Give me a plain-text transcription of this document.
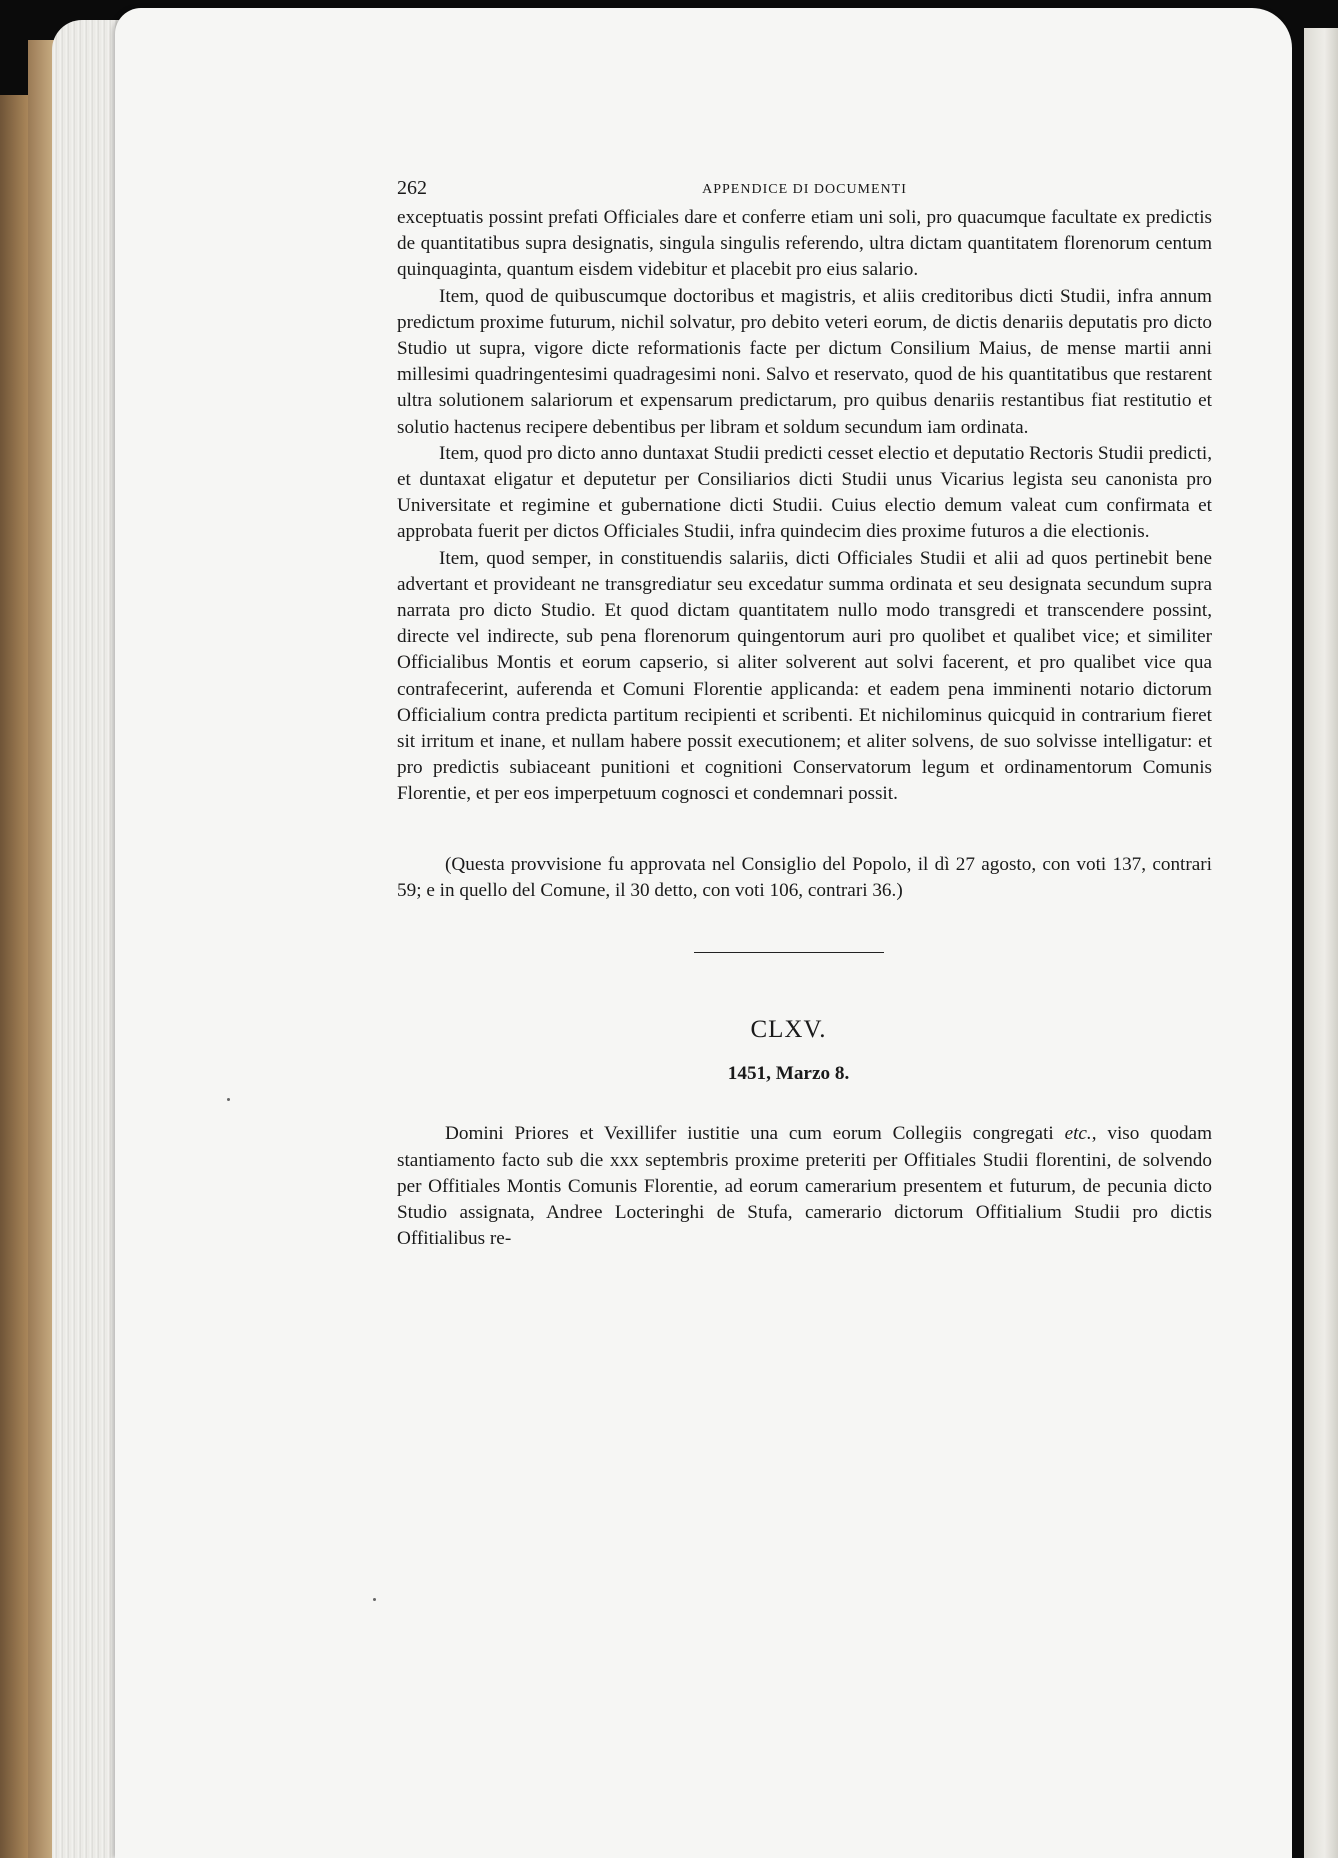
262	APPENDICE DI DOCUMENTI

exceptuatis possint prefati Officiales dare et conferre etiam uni soli, pro quacumque facultate ex predictis de quantitatibus supra designatis, singula singulis referendo, ultra dictam quantitatem florenorum centum quinquaginta, quantum eisdem videbitur et placebit pro eius salario.

Item, quod de quibuscumque doctoribus et magistris, et aliis creditoribus dicti Studii, infra annum predictum proxime futurum, nichil solvatur, pro debito veteri eorum, de dictis denariis deputatis pro dicto Studio ut supra, vigore dicte reformationis facte per dictum Consilium Maius, de mense martii anni millesimi quadringentesimi quadragesimi noni. Salvo et reservato, quod de his quantitatibus que restarent ultra solutionem salariorum et expensarum predictarum, pro quibus denariis restantibus fiat restitutio et solutio hactenus recipere debentibus per libram et soldum secundum iam ordinata.

Item, quod pro dicto anno duntaxat Studii predicti cesset electio et deputatio Rectoris Studii predicti, et duntaxat eligatur et deputetur per Consiliarios dicti Studii unus Vicarius legista seu canonista pro Universitate et regimine et gubernatione dicti Studii. Cuius electio demum valeat cum confirmata et approbata fuerit per dictos Officiales Studii, infra quindecim dies proxime futuros a die electionis.

Item, quod semper, in constituendis salariis, dicti Officiales Studii et alii ad quos pertinebit bene advertant et provideant ne transgrediatur seu excedatur summa ordinata et seu designata secundum supra narrata pro dicto Studio. Et quod dictam quantitatem nullo modo transgredi et transcendere possint, directe vel indirecte, sub pena florenorum quingentorum auri pro quolibet et qualibet vice; et similiter Officialibus Montis et eorum capserio, si aliter solverent aut solvi facerent, et pro qualibet vice qua contrafecerint, auferenda et Comuni Florentie applicanda: et eadem pena imminenti notario dictorum Officialium contra predicta partitum recipienti et scribenti. Et nichilominus quicquid in contrarium fieret sit irritum et inane, et nullam habere possit executionem; et aliter solvens, de suo solvisse intelligatur: et pro predictis subiaceant punitioni et cognitioni Conservatorum legum et ordinamentorum Comunis Florentie, et per eos imperpetuum cognosci et condemnari possit.

(Questa provvisione fu approvata nel Consiglio del Popolo, il dì 27 agosto, con voti 137, contrari 59; e in quello del Comune, il 30 detto, con voti 106, contrari 36.)

CLXV.
1451, Marzo 8.

Domini Priores et Vexillifer iustitie una cum eorum Collegiis congregati etc., viso quodam stantiamento facto sub die xxx septembris proxime preteriti per Offitiales Studii florentini, de solvendo per Offitiales Montis Comunis Florentie, ad eorum camerarium presentem et futurum, de pecunia dicto Studio assignata, Andree Locteringhi de Stufa, camerario dictorum Offitialium Studii pro dictis Offitialibus re-
